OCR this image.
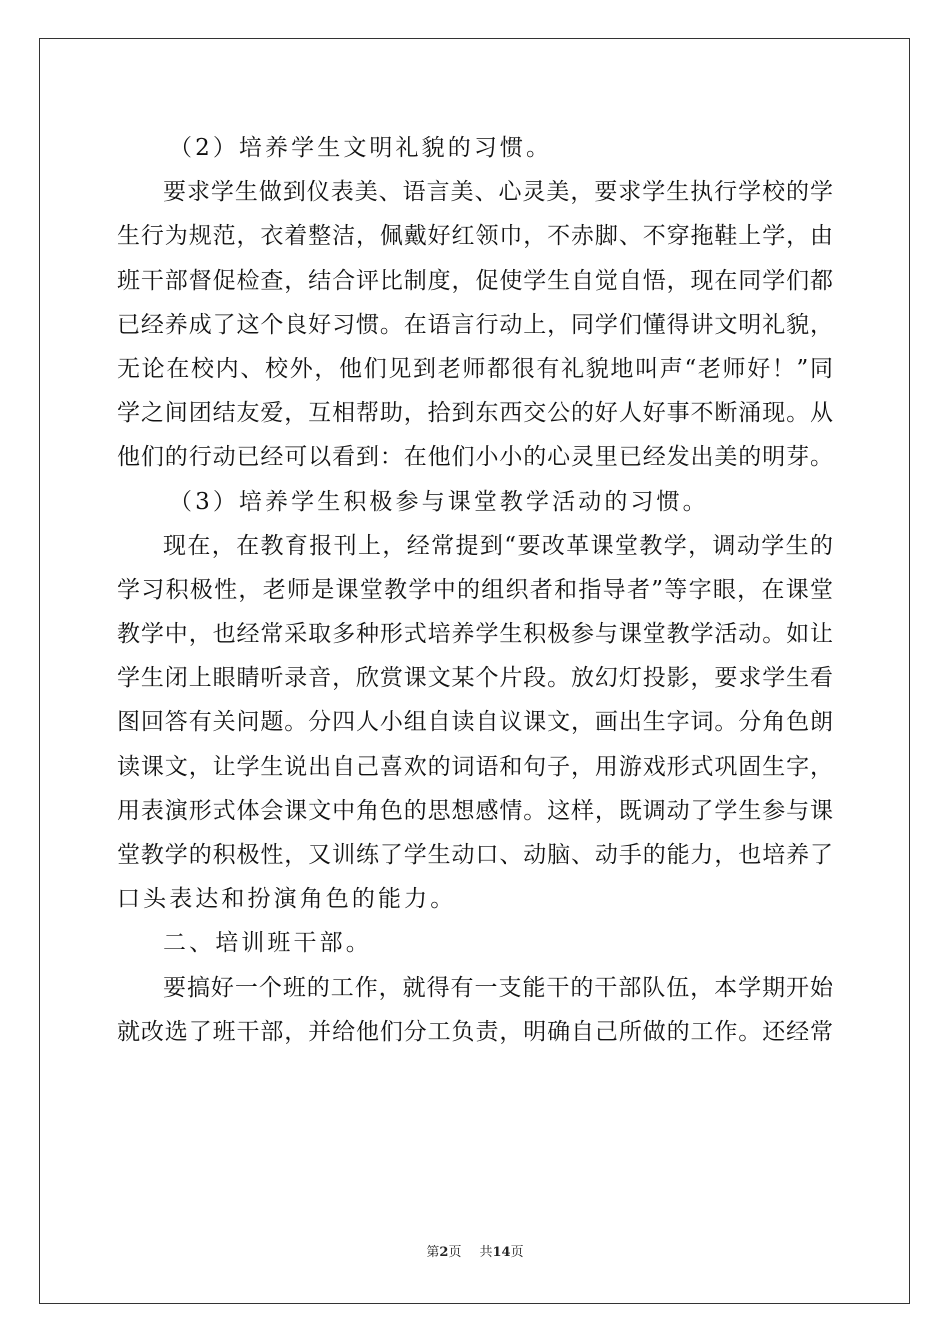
（2）培养学生文明礼貌的习惯。
要求学生做到仪表美、语言美、心灵美，要求学生执行学校的学
生行为规范，衣着整洁，佩戴好红领巾，不赤脚、不穿拖鞋上学，由
班干部督促检查，结合评比制度，促使学生自觉自悟，现在同学们都
已经养成了这个良好习惯。在语言行动上，同学们懂得讲文明礼貌，
无论在校内、校外，他们见到老师都很有礼貌地叫声“老师好！”同
学之间团结友爱，互相帮助，拾到东西交公的好人好事不断涌现。从
他们的行动已经可以看到：在他们小小的心灵里已经发出美的明芽。
（3）培养学生积极参与课堂教学活动的习惯。
现在，在教育报刊上，经常提到“要改革课堂教学，调动学生的
学习积极性，老师是课堂教学中的组织者和指导者”等字眼，在课堂
教学中，也经常采取多种形式培养学生积极参与课堂教学活动。如让
学生闭上眼睛听录音，欣赏课文某个片段。放幻灯投影，要求学生看
图回答有关问题。分四人小组自读自议课文，画出生字词。分角色朗
读课文，让学生说出自己喜欢的词语和句子，用游戏形式巩固生字，
用表演形式体会课文中角色的思想感情。这样，既调动了学生参与课
堂教学的积极性，又训练了学生动口、动脑、动手的能力，也培养了
口头表达和扮演角色的能力。
二、培训班干部。
要搞好一个班的工作，就得有一支能干的干部队伍，本学期开始
就改选了班干部，并给他们分工负责，明确自己所做的工作。还经常
第2页 共14页
